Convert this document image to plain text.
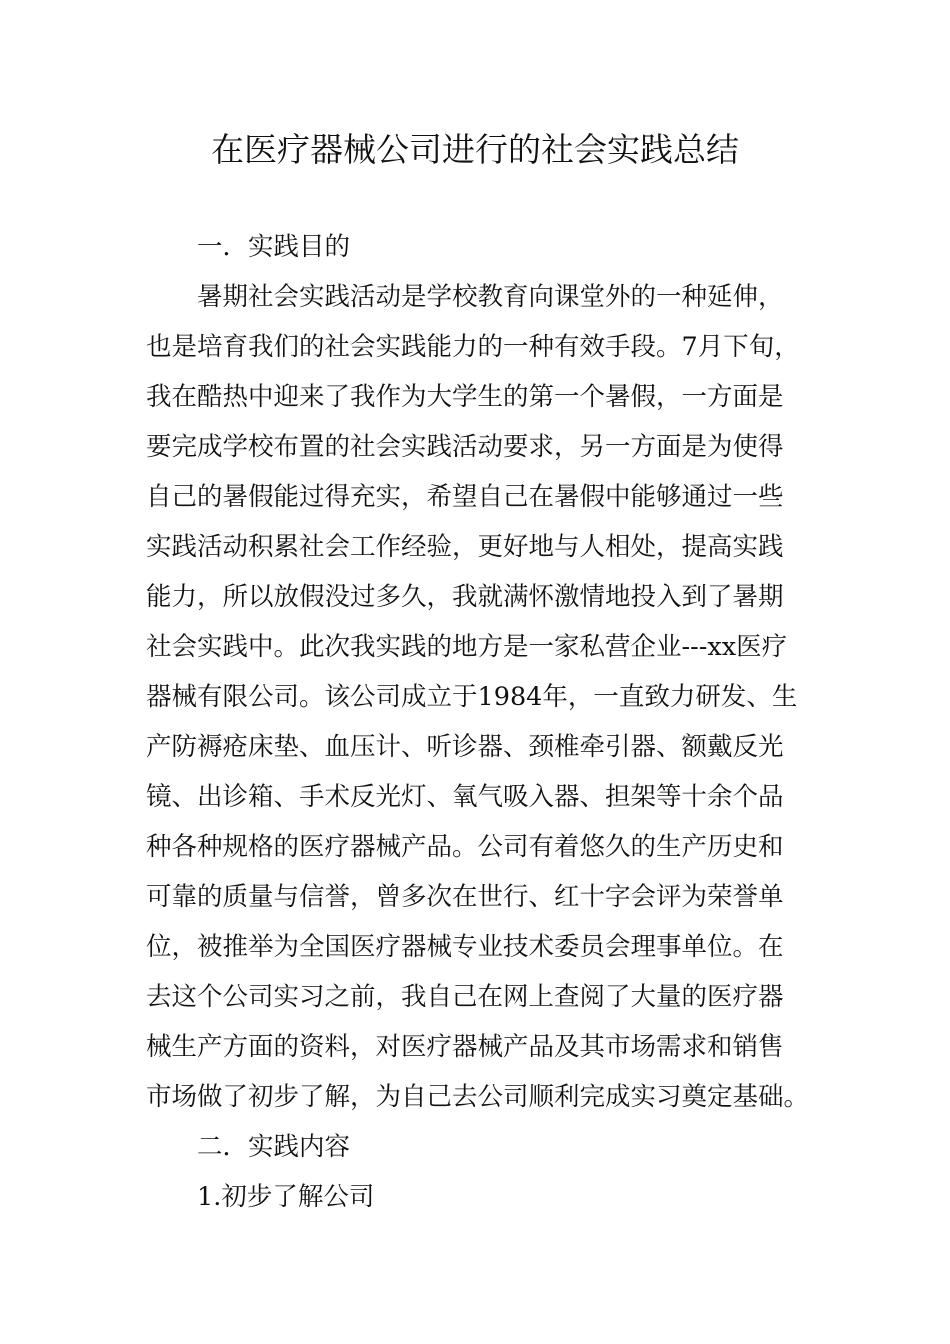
在医疗器械公司进行的社会实践总结

一．实践目的

暑期社会实践活动是学校教育向课堂外的一种延伸，

也是培育我们的社会实践能力的一种有效手段。7月下旬，

我在酷热中迎来了我作为大学生的第一个暑假，一方面是

要完成学校布置的社会实践活动要求，另一方面是为使得

自己的暑假能过得充实，希望自己在暑假中能够通过一些

实践活动积累社会工作经验，更好地与人相处，提高实践

能力，所以放假没过多久，我就满怀激情地投入到了暑期

社会实践中。此次我实践的地方是一家私营企业---xx医疗

器械有限公司。该公司成立于1984年，一直致力研发、生

产防褥疮床垫、血压计、听诊器、颈椎牵引器、额戴反光

镜、出诊箱、手术反光灯、氧气吸入器、担架等十余个品

种各种规格的医疗器械产品。公司有着悠久的生产历史和

可靠的质量与信誉，曾多次在世行、红十字会评为荣誉单

位，被推举为全国医疗器械专业技术委员会理事单位。在

去这个公司实习之前，我自己在网上查阅了大量的医疗器

械生产方面的资料，对医疗器械产品及其市场需求和销售

市场做了初步了解，为自己去公司顺利完成实习奠定基础。

二．实践内容

1.初步了解公司
